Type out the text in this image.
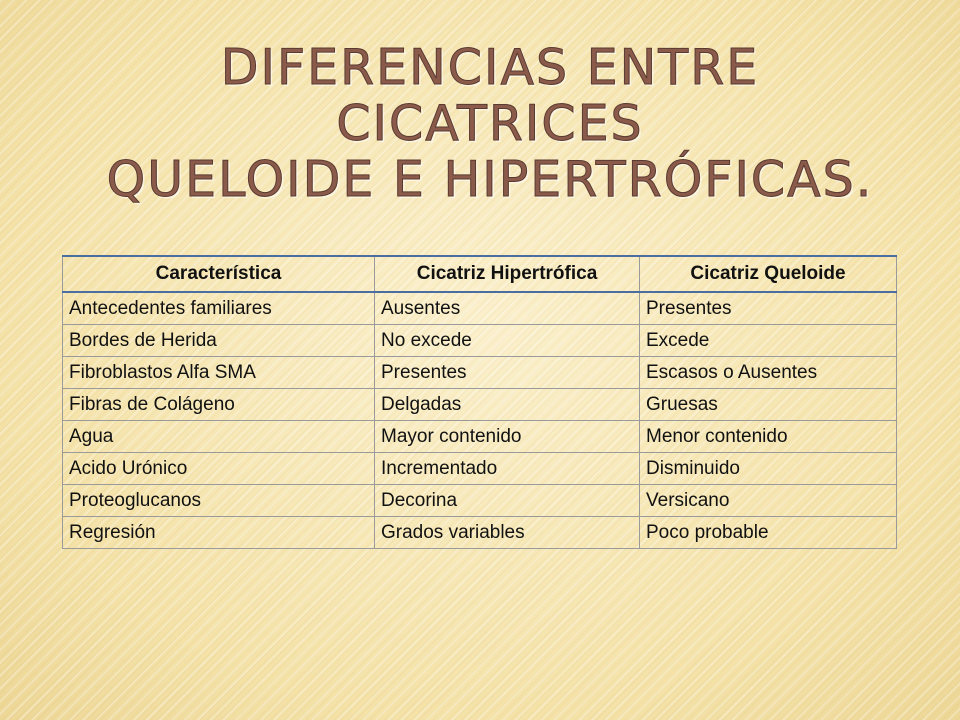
DIFERENCIAS ENTRE CICATRICES
QUELOIDE E HIPERTRÓFICAS.
Característica	Cicatriz Hipertrófica	Cicatriz Queloide
Antecedentes familiares	Ausentes	Presentes
Bordes de Herida	No excede	Excede
Fibroblastos Alfa SMA	Presentes	Escasos o Ausentes
Fibras de Colágeno	Delgadas	Gruesas
Agua	Mayor contenido	Menor contenido
Acido Urónico	Incrementado	Disminuido
Proteoglucanos	Decorina	Versicano
Regresión	Grados variables	Poco probable
